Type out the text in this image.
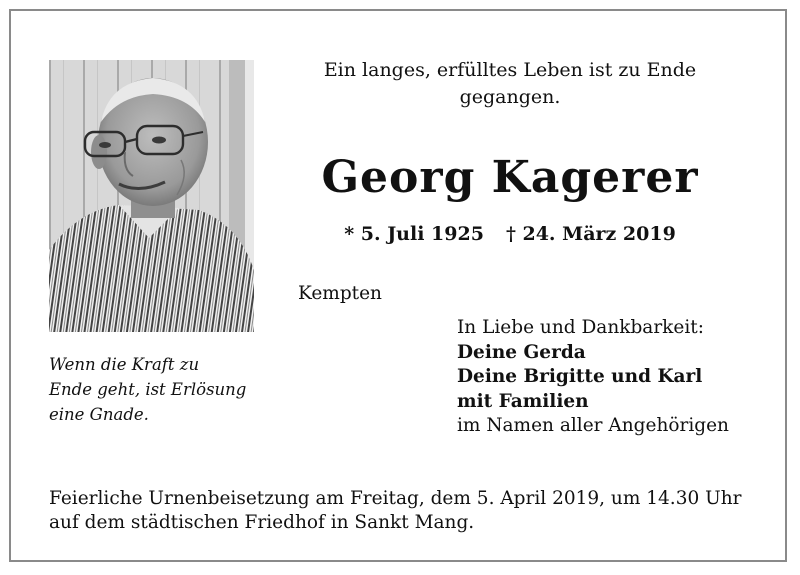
Wenn die Kraft zu
Ende geht, ist Erlösung
eine Gnade.
Ein langes, erfülltes Leben ist zu Ende
gegangen.
Georg Kagerer
* 5. Juli 1925 † 24. März 2019
Kempten
In Liebe und Dankbarkeit:
Deine Gerda
Deine Brigitte und Karl
mit Familien
im Namen aller Angehörigen
Feierliche Urnenbeisetzung am Freitag, dem 5. April 2019, um 14.30 Uhr
auf dem städtischen Friedhof in Sankt Mang.
